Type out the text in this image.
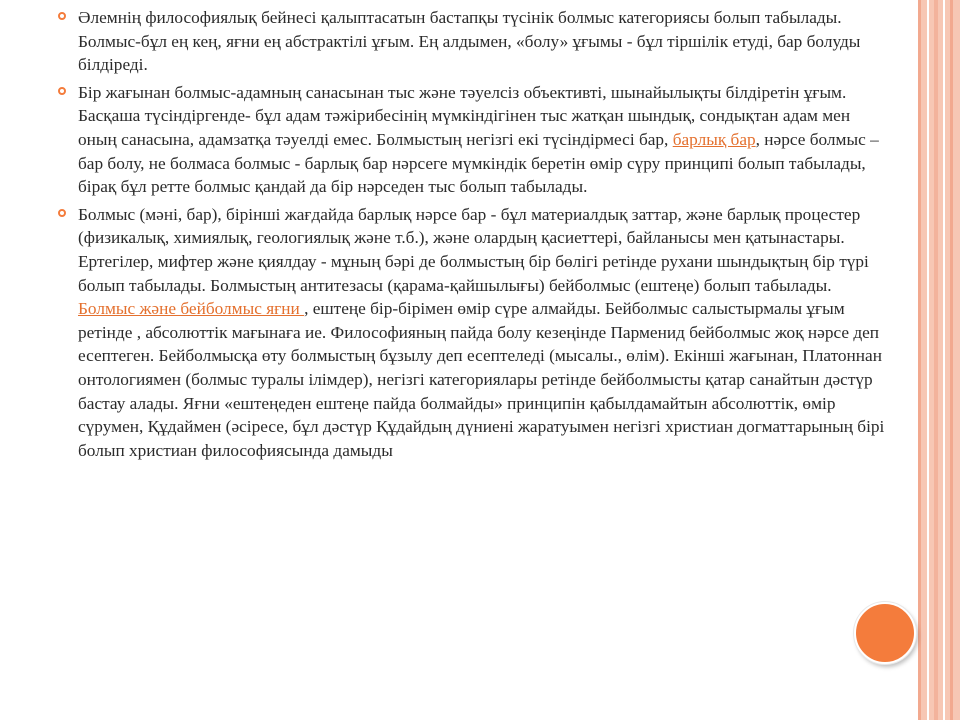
Әлемнің философиялық бейнесі қалыптасатын бастапқы түсінік болмыс категориясы болып табылады. Болмыс-бұл ең кең, яғни ең абстрактілі ұғым. Ең алдымен, «болу» ұғымы - бұл тіршілік етуді, бар болуды білдіреді.
Бір жағынан болмыс-адамның санасынан тыс және тәуелсіз объективті, шынайылықты білдіретін ұғым. Басқаша түсіндіргенде- бұл адам тәжірибесінің мүмкіндігінен тыс жатқан шындық, сондықтан адам мен оның санасына, адамзатқа тәуелді емес. Болмыстың негізгі екі түсіндірмесі бар, барлық бар, нәрсе болмыс – бар болу, не болмаса болмыс - барлық бар нәрсеге мүмкіндік беретін өмір сүру принципі болып табылады, бірақ бұл ретте болмыс қандай да бір нәрседен тыс болып табылады.
Болмыс (мәні, бар), бірінші жағдайда барлық нәрсе бар - бұл материалдық заттар, және барлық процестер (физикалық, химиялық, геологиялық және т.б.), және олардың қасиеттері, байланысы мен қатынастары. Ертегілер, мифтер және қиялдау - мұның бәрі де болмыстың бір бөлігі ретінде рухани шындықтың бір түрі болып табылады. Болмыстың антитезасы (қарама-қайшылығы) бейболмыс (ештеңе) болып табылады. Болмыс және бейболмыс яғни , ештеңе бір-бірімен өмір сүре алмайды. Бейболмыс салыстырмалы ұғым ретінде , абсолюттік мағынаға ие. Философияның пайда болу кезеңінде Парменид бейболмыс жоқ нәрсе деп есептеген. Бейболмысқа өту болмыстың бұзылу деп есептеледі (мысалы., өлім). Екінші жағынан, Платоннан онтологиямен (болмыс туралы ілімдер), негізгі категориялары ретінде бейболмысты қатар санайтын дәстүр бастау алады. Яғни «ештеңеден ештеңе пайда болмайды» принципін қабылдамайтын абсолюттік, өмір сүрумен, Құдаймен (әсіресе, бұл дәстүр Құдайдың дүниені жаратуымен негізгі христиан догматтарының бірі болып христиан философиясында дамыды
